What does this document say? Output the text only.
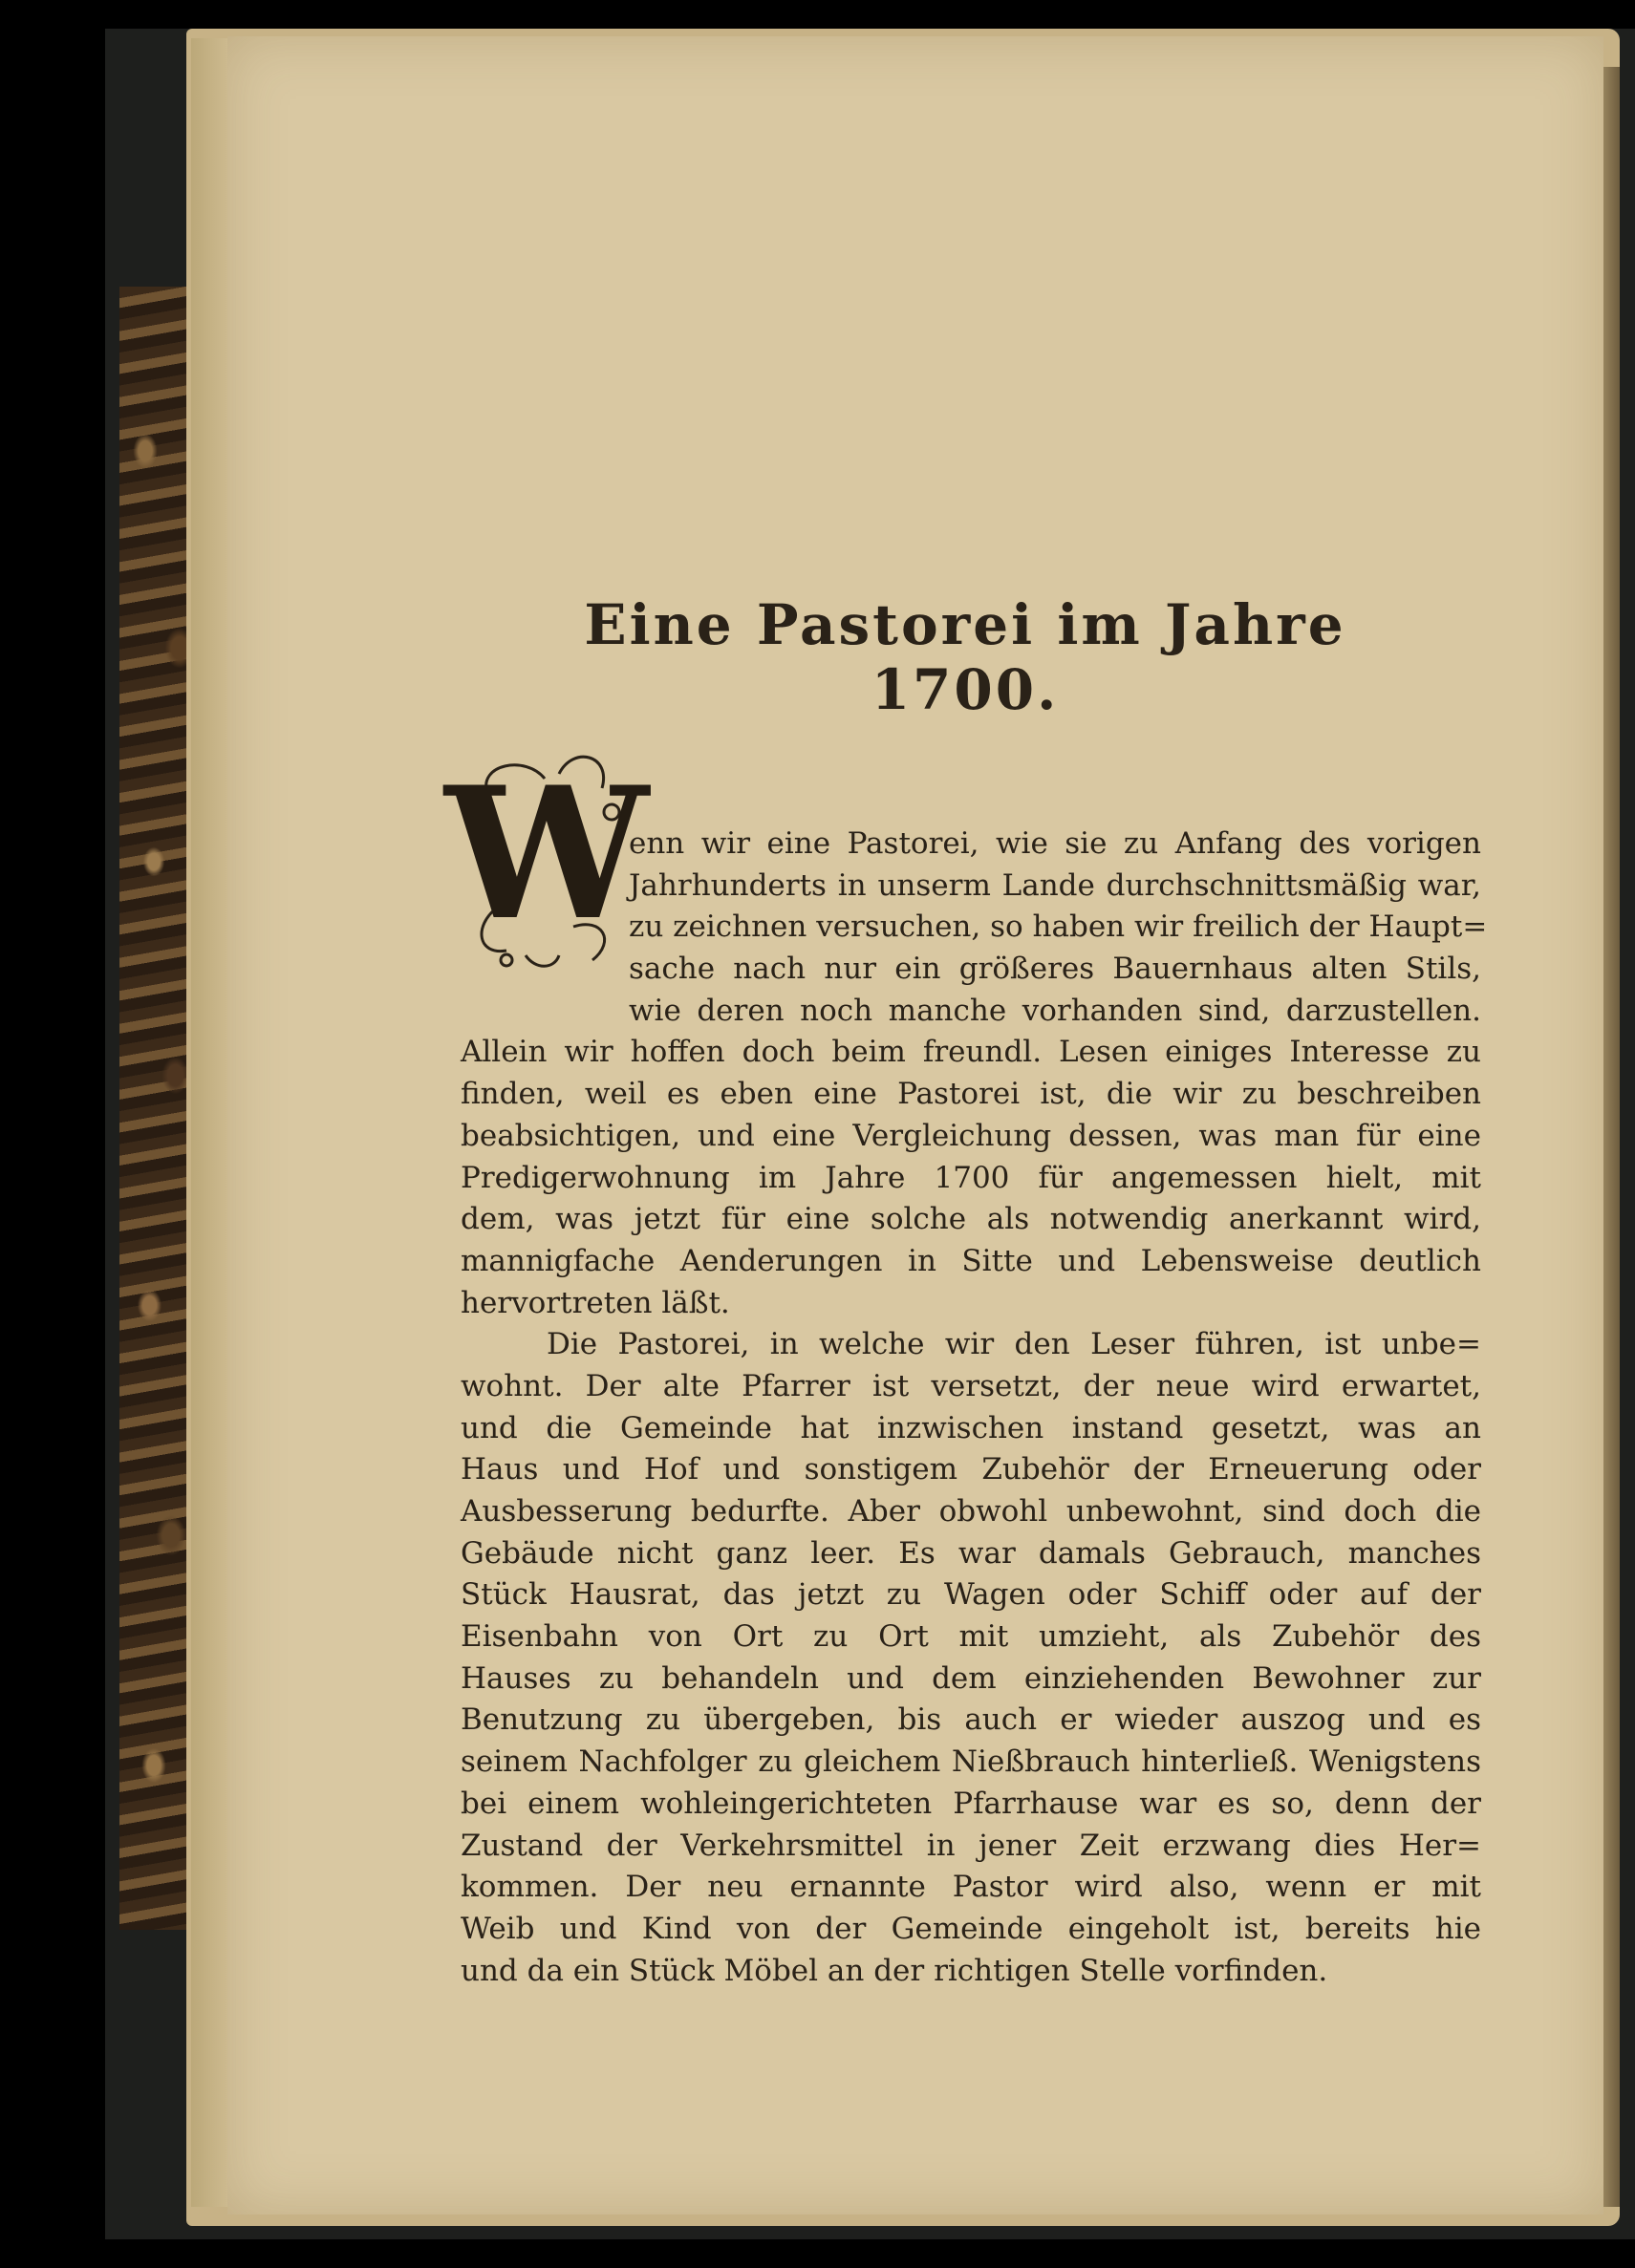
Eine Pastorei im Jahre 1700.
W
enn wir eine Pastorei, wie sie zu Anfang des vorigen
Jahrhunderts in unserm Lande durchschnittsmäßig war,
zu zeichnen versuchen, so haben wir freilich der Haupt=
sache nach nur ein größeres Bauernhaus alten Stils,
wie deren noch manche vorhanden sind, darzustellen.
Allein wir hoffen doch beim freundl. Lesen einiges Interesse zu
finden, weil es eben eine Pastorei ist, die wir zu beschreiben
beabsichtigen, und eine Vergleichung dessen, was man für eine
Predigerwohnung im Jahre 1700 für angemessen hielt, mit
dem, was jetzt für eine solche als notwendig anerkannt wird,
mannigfache Aenderungen in Sitte und Lebensweise deutlich
hervortreten läßt.
Die Pastorei, in welche wir den Leser führen, ist unbe=
wohnt. Der alte Pfarrer ist versetzt, der neue wird erwartet,
und die Gemeinde hat inzwischen instand gesetzt, was an
Haus und Hof und sonstigem Zubehör der Erneuerung oder
Ausbesserung bedurfte. Aber obwohl unbewohnt, sind doch die
Gebäude nicht ganz leer. Es war damals Gebrauch, manches
Stück Hausrat, das jetzt zu Wagen oder Schiff oder auf der
Eisenbahn von Ort zu Ort mit umzieht, als Zubehör des
Hauses zu behandeln und dem einziehenden Bewohner zur
Benutzung zu übergeben, bis auch er wieder auszog und es
seinem Nachfolger zu gleichem Nießbrauch hinterließ. Wenigstens
bei einem wohleingerichteten Pfarrhause war es so, denn der
Zustand der Verkehrsmittel in jener Zeit erzwang dies Her=
kommen. Der neu ernannte Pastor wird also, wenn er mit
Weib und Kind von der Gemeinde eingeholt ist, bereits hie
und da ein Stück Möbel an der richtigen Stelle vorfinden.
